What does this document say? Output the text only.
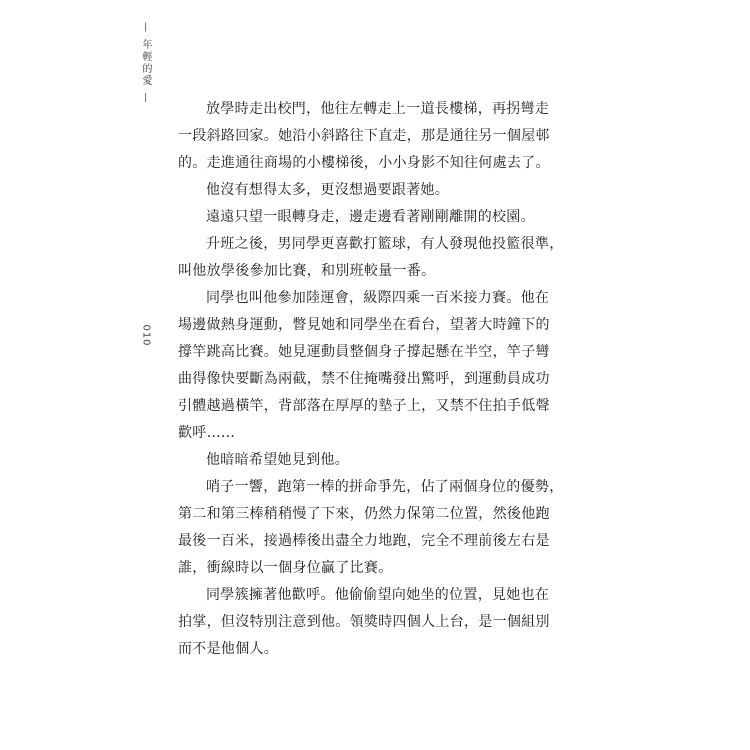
— 年輕的愛 —
010
放學時走出校門，他往左轉走上一道長樓梯，再拐彎走
一段斜路回家。她沿小斜路往下直走，那是通往另一個屋邨
的。走進通往商場的小樓梯後，小小身影不知往何處去了。
他沒有想得太多，更沒想過要跟著她。
遠遠只望一眼轉身走，邊走邊看著剛剛離開的校園。
升班之後，男同學更喜歡打籃球，有人發現他投籃很準，
叫他放學後參加比賽，和別班較量一番。
同學也叫他參加陸運會，級際四乘一百米接力賽。他在
場邊做熱身運動，瞥見她和同學坐在看台，望著大時鐘下的
撐竿跳高比賽。她見運動員整個身子撐起懸在半空，竿子彎
曲得像快要斷為兩截，禁不住掩嘴發出驚呼，到運動員成功
引體越過橫竿，背部落在厚厚的墊子上，又禁不住拍手低聲
歡呼……
他暗暗希望她見到他。
哨子一響，跑第一棒的拼命爭先，佔了兩個身位的優勢，
第二和第三棒稍稍慢了下來，仍然力保第二位置，然後他跑
最後一百米，接過棒後出盡全力地跑，完全不理前後左右是
誰，衝線時以一個身位贏了比賽。
同學簇擁著他歡呼。他偷偷望向她坐的位置，見她也在
拍掌，但沒特別注意到他。領獎時四個人上台，是一個組別
而不是他個人。
